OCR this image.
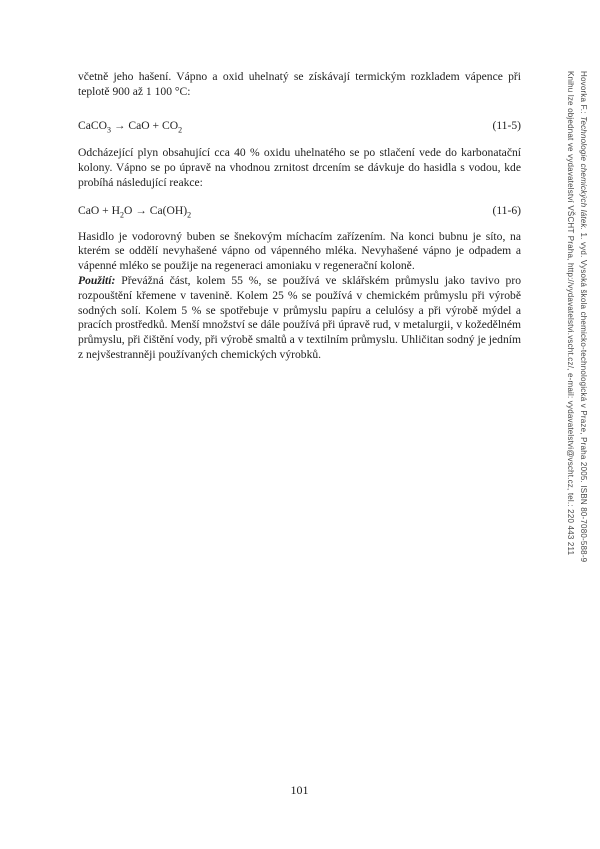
včetně jeho hašení. Vápno a oxid uhelnatý se získávají termickým rozkladem vápence při teplotě 900 až 1 100 °C:

CaCO$_3$ → CaO + $CO_2$	(11-5)

Odcházející plyn obsahující cca 40 % oxidu uhelnatého se po stlačení vede do karbonatační kolony. Vápno se po úpravě na vhodnou zrnitost drcením se dávkuje do hasidla s vodou, kde probíhá následující reakce:

CaO + $H_2O \to Ca(OH)_2$	(11-6)

Hasidlo je vodorovný buben se šnekovým míchacím zařízením. Na konci bubnu je síto, na kterém se oddělí nevyhašené vápno od vápenného mléka. Nevyhašené vápno je odpadem a vápenné mléko se použije na regeneraci amoniaku v regenerační koloně.

Použití: Převážná část, kolem 55 %, se používá ve sklářském průmyslu jako tavivo pro rozpouštění křemene v tavenině. Kolem 25 % se používá v chemickém průmyslu při výrobě sodných solí. Kolem 5 % se spotřebuje v průmyslu papíru a celulósy a při výrobě mýdel a pracích prostředků. Menší množství se dále používá při úpravě rud, v metalurgii, v kožedělném průmyslu, při čištění vody, při výrobě smaltů a v textilním průmyslu. Uhličitan sodný je jedním z nejvšestranněji používaných chemických výrobků.

Hovorka F.: Technologie chemických látek. 1. vyd. Vysoká škola chemicko-technologická v Praze, Praha 2005. ISBN 80-7080-588-9
Knihu lze objednat ve vydavatelství VŠCHT Praha, http://vydavatelstvi.vscht.cz/, e-mail: vydavatelstvi@vscht.cz, tel.: 220 443 211
101
